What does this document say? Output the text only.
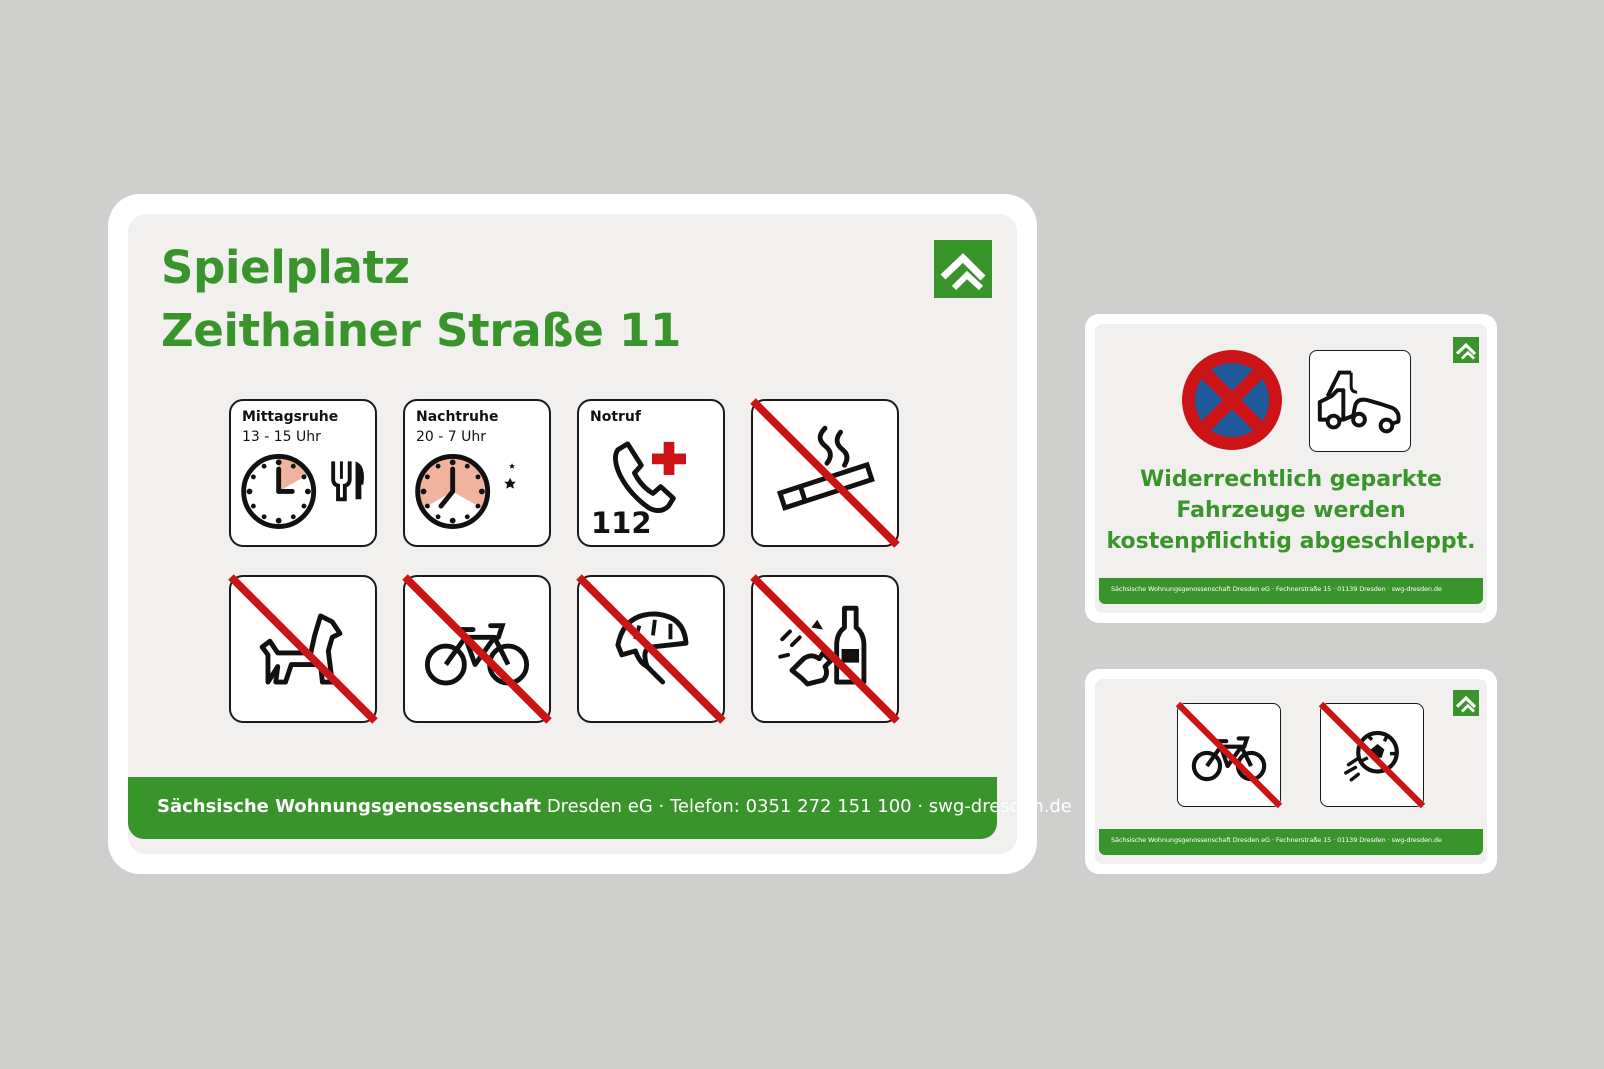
Spielplatz
Zeithainer Straße 11
Mittagsruhe
13 - 15 Uhr
Nachtruhe
20 - 7 Uhr
Notruf
112
Sächsische Wohnungsgenossenschaft Dresden eG · Telefon: 0351 272 151 100 · swg-dresden.de
Widerrechtlich geparkte
Fahrzeuge werden
kostenpflichtig abgeschleppt.
Sächsische Wohnungsgenossenschaft Dresden eG · Fechnerstraße 15 · 01139 Dresden · swg-dresden.de
Sächsische Wohnungsgenossenschaft Dresden eG · Fechnerstraße 15 · 01139 Dresden · swg-dresden.de
